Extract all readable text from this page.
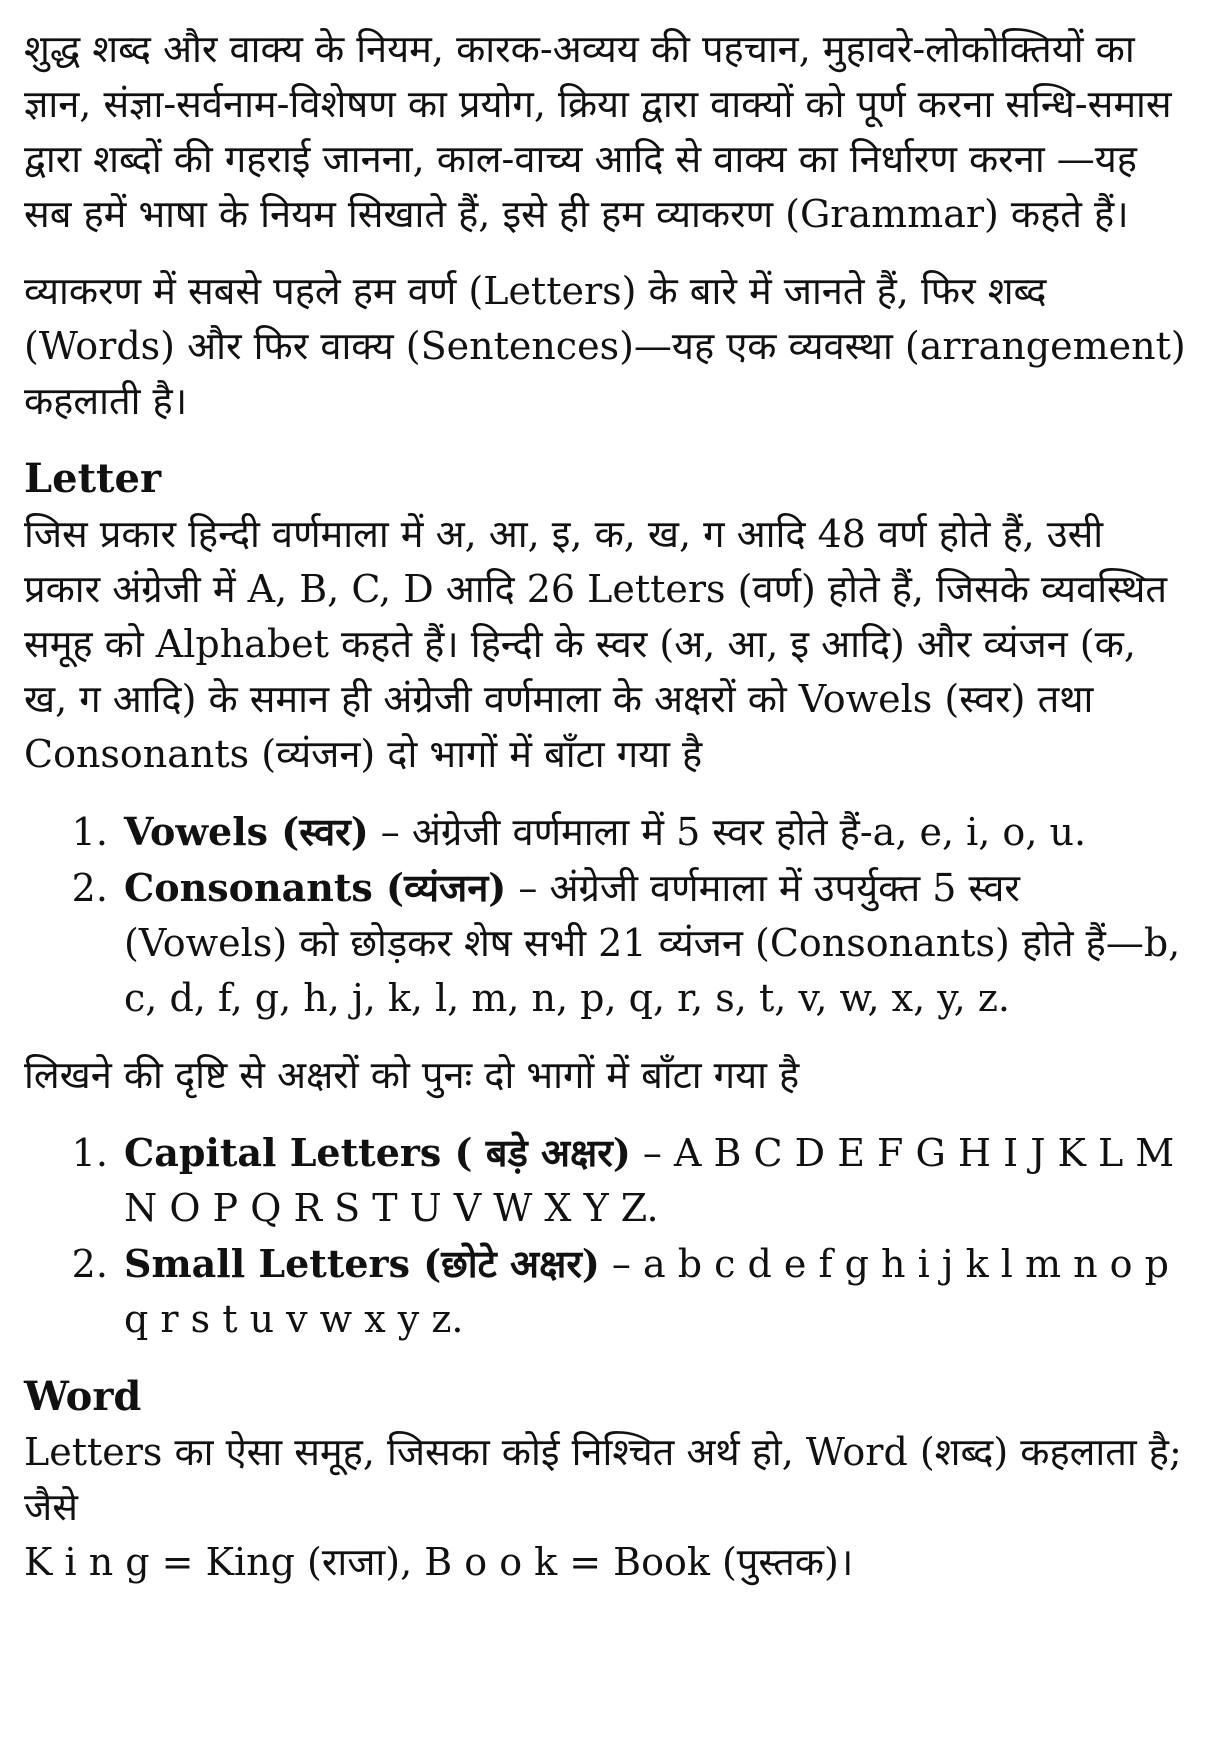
शुद्ध शब्द और वाक्य के नियम, कारक-अव्यय की पहचान, मुहावरे-लोकोक्तियों का ज्ञान, संज्ञा-सर्वनाम-विशेषण का प्रयोग, क्रिया द्वारा वाक्यों को पूर्ण करना सन्धि-समास द्वारा शब्दों की गहराई जानना, काल-वाच्य आदि से वाक्य का निर्धारण करना —यह सब हमें भाषा के नियम सिखाते हैं, इसे ही हम व्याकरण (Grammar) कहते हैं।

व्याकरण में सबसे पहले हम वर्ण (Letters) के बारे में जानते हैं, फिर शब्द (Words) और फिर वाक्य (Sentences)—यह एक व्यवस्था (arrangement) कहलाती है।

Letter

जिस प्रकार हिन्दी वर्णमाला में अ, आ, इ, क, ख, ग आदि 48 वर्ण होते हैं, उसी प्रकार अंग्रेजी में A, B, C, D आदि 26 Letters (वर्ण) होते हैं, जिसके व्यवस्थित समूह को Alphabet कहते हैं। हिन्दी के स्वर (अ, आ, इ आदि) और व्यंजन (क, ख, ग आदि) के समान ही अंग्रेजी वर्णमाला के अक्षरों को Vowels (स्वर) तथा Consonants (व्यंजन) दो भागों में बाँटा गया है

1. Vowels (स्वर) – अंग्रेजी वर्णमाला में 5 स्वर होते हैं-a, e, i, o, u.
2. Consonants (व्यंजन) – अंग्रेजी वर्णमाला में उपर्युक्त 5 स्वर (Vowels) को छोड़कर शेष सभी 21 व्यंजन (Consonants) होते हैं—b, c, d, f, g, h, j, k, l, m, n, p, q, r, s, t, v, w, x, y, z.

लिखने की दृष्टि से अक्षरों को पुनः दो भागों में बाँटा गया है

1. Capital Letters ( बड़े अक्षर) – A B C D E F G H I J K L M N O P Q R S T U V W X Y Z.
2. Small Letters (छोटे अक्षर) – a b c d e f g h i j k l m n o p q r s t u v w x y z.
Word

Letters का ऐसा समूह, जिसका कोई निश्चित अर्थ हो, Word (शब्द) कहलाता है; जैसे

K i n g = King (राजा), B o o k = Book (पुस्तक)।
